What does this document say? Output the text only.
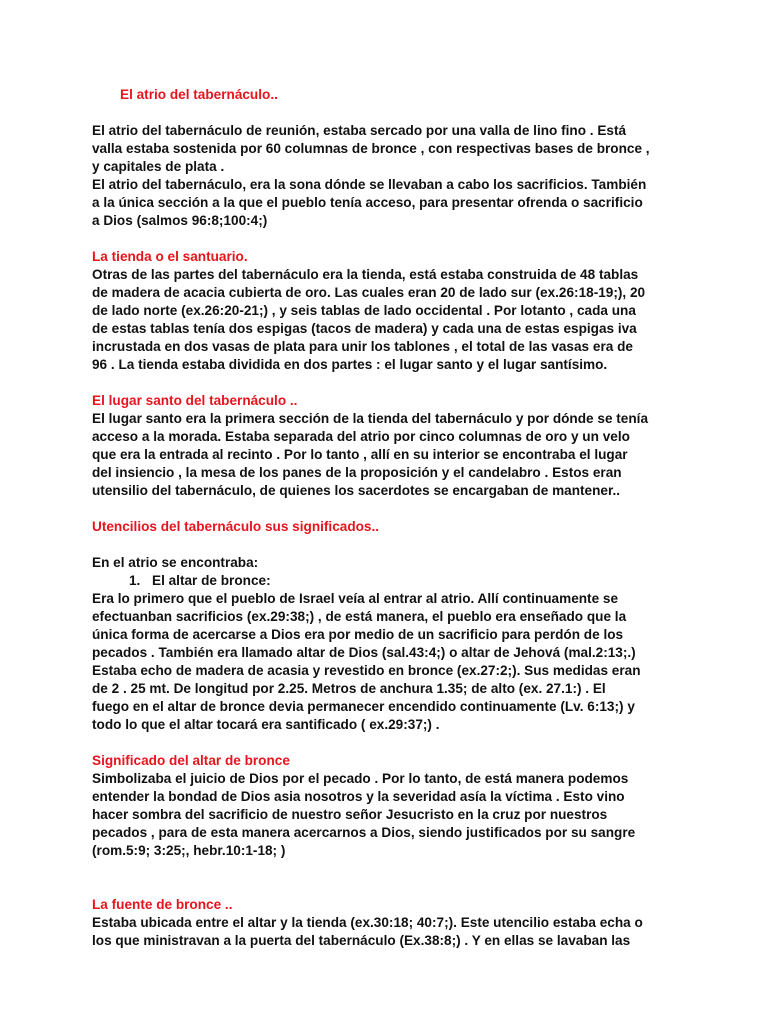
El atrio del tabernáculo..

El atrio del tabernáculo de reunión, estaba sercado por una valla de lino fino . Está
valla estaba sostenida por 60 columnas de bronce , con respectivas bases de bronce ,
y capitales de plata .
El atrio del tabernáculo, era la sona dónde se llevaban a cabo los sacrificios. También
a la única sección a la que el pueblo tenía acceso, para presentar ofrenda o sacrificio
a Dios (salmos 96:8;100:4;)

La tienda o el santuario.

Otras de las partes del tabernáculo era la tienda, está estaba construida de 48 tablas
de madera de acacia cubierta de oro. Las cuales eran 20 de lado sur (ex.26:18-19;), 20
de lado norte (ex.26:20-21;) , y seis tablas de lado occidental . Por lotanto , cada una
de estas tablas tenía dos espigas (tacos de madera) y cada una de estas espigas iva
incrustada en dos vasas de plata para unir los tablones , el total de las vasas era de
96 . La tienda estaba dividida en dos partes : el lugar santo y el lugar santísimo.

El lugar santo del tabernáculo ..

El lugar santo era la primera sección de la tienda del tabernáculo y por dónde se tenía
acceso a la morada. Estaba separada del atrio por cinco columnas de oro y un velo
que era la entrada al recinto . Por lo tanto , allí en su interior se encontraba el lugar
del insiencio , la mesa de los panes de la proposición y el candelabro . Estos eran
utensilio del tabernáculo, de quienes los sacerdotes se encargaban de mantener..

Utencilios del tabernáculo sus significados..

En el atrio se encontraba:

1. El altar de bronce:
Era lo primero que el pueblo de Israel veía al entrar al atrio. Allí continuamente se
efectuanban sacrificios (ex.29:38;) , de está manera, el pueblo era enseñado que la
única forma de acercarse a Dios era por medio de un sacrificio para perdón de los
pecados . También era llamado altar de Dios (sal.43:4;) o altar de Jehová (mal.2:13;.)
Estaba echo de madera de acasia y revestido en bronce (ex.27:2;). Sus medidas eran
de 2 . 25 mt. De longitud por 2.25. Metros de anchura 1.35; de alto (ex. 27.1:) . El
fuego en el altar de bronce devia permanecer encendido continuamente (Lv. 6:13;) y
todo lo que el altar tocará era santificado ( ex.29:37;) .

Significado del altar de bronce

Simbolizaba el juicio de Dios por el pecado . Por lo tanto, de está manera podemos
entender la bondad de Dios asia nosotros y la severidad asía la víctima . Esto vino
hacer sombra del sacrificio de nuestro señor Jesucristo en la cruz por nuestros
pecados , para de esta manera acercarnos a Dios, siendo justificados por su sangre
(rom.5:9; 3:25;, hebr.10:1-18; )

La fuente de bronce ..

Estaba ubicada entre el altar y la tienda (ex.30:18; 40:7;). Este utencilio estaba echa o
los que ministravan a la puerta del tabernáculo (Ex.38:8;) . Y en ellas se lavaban las
